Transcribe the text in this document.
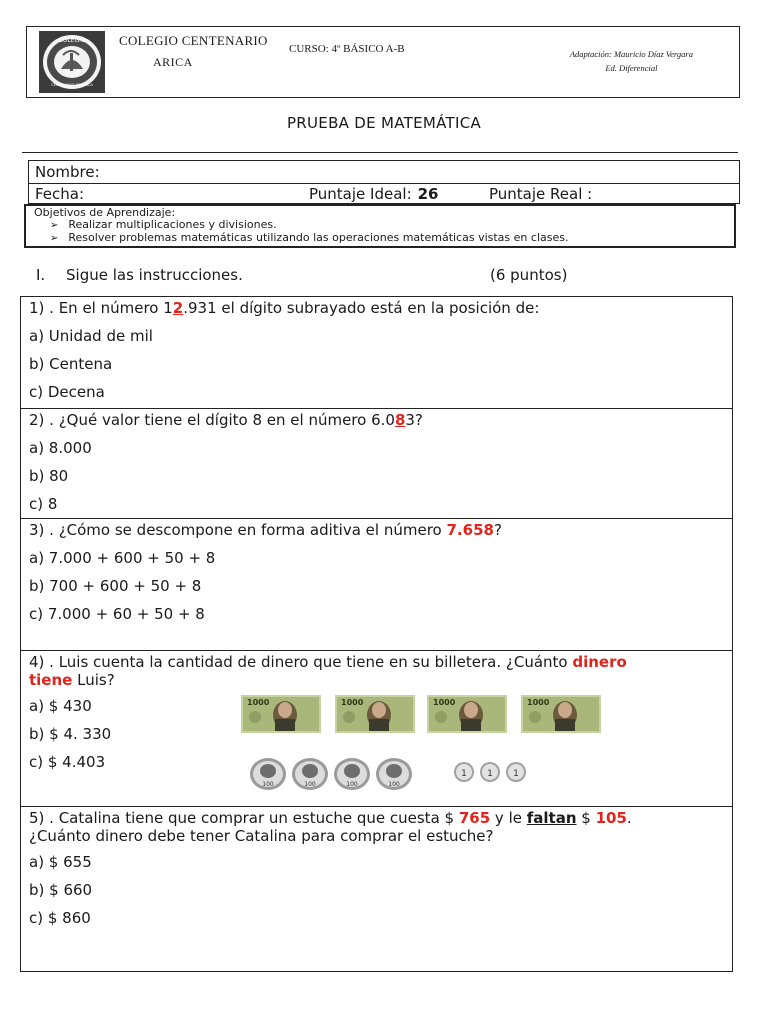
COLEGIO
CENTENARIO DE ARICA
COLEGIO CENTENARIO
ARICA
CURSO: 4º BÁSICO A-B	Adaptación: Mauricio Díaz Vergara
Ed. Diferencial
PRUEBA DE MATEMÁTICA
Nombre:
Fecha:	Puntaje Ideal: 26	Puntaje Real :
Objetivos de Aprendizaje:
➢ Realizar multiplicaciones y divisiones.
➢ Resolver problemas matemáticas utilizando las operaciones matemáticas vistas en clases.
I. Sigue las instrucciones.	(6 puntos)
1) . En el número 12.931 el dígito subrayado está en la posición de:
a) Unidad de mil
b) Centena
c) Decena
2) . ¿Qué valor tiene el dígito 8 en el número 6.083?
a) 8.000
b) 80
c) 8
3) . ¿Cómo se descompone en forma aditiva el número 7.658?
a) 7.000 + 600 + 50 + 8
b) 700 + 600 + 50 + 8
c) 7.000 + 60 + 50 + 8
4) . Luis cuenta la cantidad de dinero que tiene en su billetera. ¿Cuánto dinero
tiene Luis?
a) $ 430
b) $ 4. 330
c) $ 4.403
1000	1000	1000	1000
100	100	100	100
1 1 1
5) . Catalina tiene que comprar un estuche que cuesta $ 765 y le faltan $ 105.
¿Cuánto dinero debe tener Catalina para comprar el estuche?
a) $ 655
b) $ 660
c) $ 860
